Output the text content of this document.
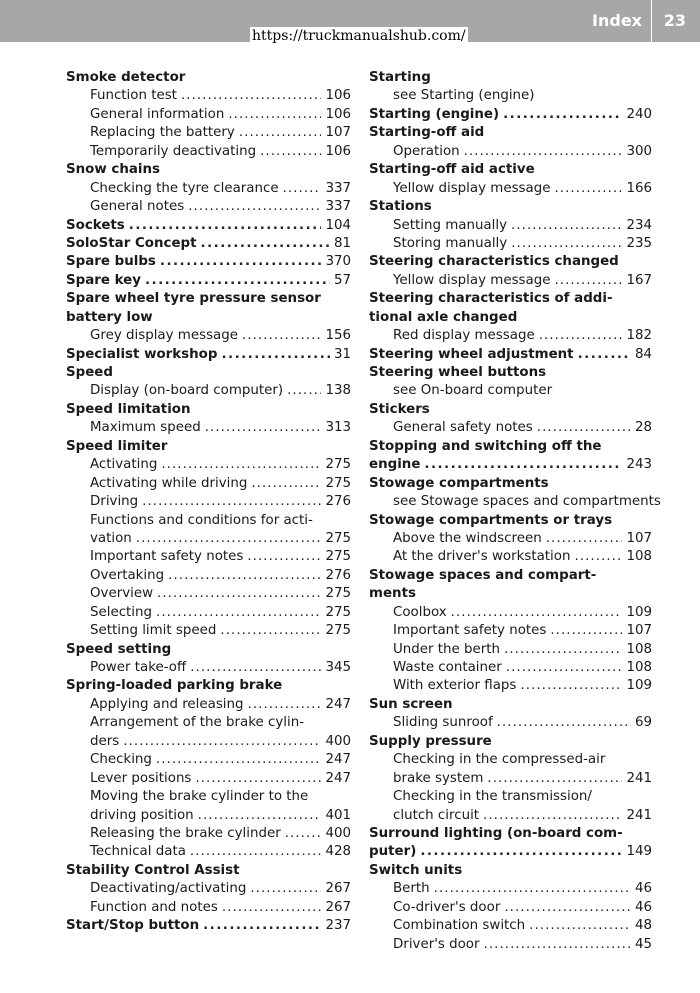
Index 23
https://truckmanualshub.com/
Smoke detector
Function test . . .	106
General information . . .	106
Replacing the battery . . .	107
Temporarily deactivating . . .	106
Snow chains
Checking the tyre clearance . . .	337
General notes . . .	337
Sockets . . .	104
SoloStar Concept . . .	81
Spare bulbs . . .	370
Spare key . . .	57
Spare wheel tyre pressure sensor
battery low
Grey display message . . .	156
Specialist workshop . . .	31
Speed
Display (on-board computer) . . .	138
Speed limitation
Maximum speed . . .	313
Speed limiter
Activating . . .	275
Activating while driving . . .	275
Driving . . .	276
Functions and conditions for acti-
vation . . .	275
Important safety notes . . .	275
Overtaking . . .	276
Overview . . .	275
Selecting . . .	275
Setting limit speed . . .	275
Speed setting
Power take-off . . .	345
Spring-loaded parking brake
Applying and releasing . . .	247
Arrangement of the brake cylin-
ders . . .	400
Checking . . .	247
Lever positions . . .	247
Moving the brake cylinder to the
driving position . . .	401
Releasing the brake cylinder . . .	400
Technical data . . .	428
Stability Control Assist
Deactivating/activating . . .	267
Function and notes . . .	267
Start/Stop button . . .	237
Starting
see Starting (engine)
Starting (engine) . . .	240
Starting-off aid
Operation . . .	300
Starting-off aid active
Yellow display message . . .	166
Stations
Setting manually . . .	234
Storing manually . . .	235
Steering characteristics changed
Yellow display message . . .	167
Steering characteristics of addi-
tional axle changed
Red display message . . .	182
Steering wheel adjustment . . .	84
Steering wheel buttons
see On-board computer
Stickers
General safety notes . . .	28
Stopping and switching off the
engine . . .	243
Stowage compartments
see Stowage spaces and compartments
Stowage compartments or trays
Above the windscreen . . .	107
At the driver's workstation . . .	108
Stowage spaces and compart-
ments
Coolbox . . .	109
Important safety notes . . .	107
Under the berth . . .	108
Waste container . . .	108
With exterior flaps . . .	109
Sun screen
Sliding sunroof . . .	69
Supply pressure
Checking in the compressed-air
brake system . . .	241
Checking in the transmission/
clutch circuit . . .	241
Surround lighting (on-board com-
puter) . . .	149
Switch units
Berth . . .	46
Co-driver's door . . .	46
Combination switch . . .	48
Driver's door . . .	45
